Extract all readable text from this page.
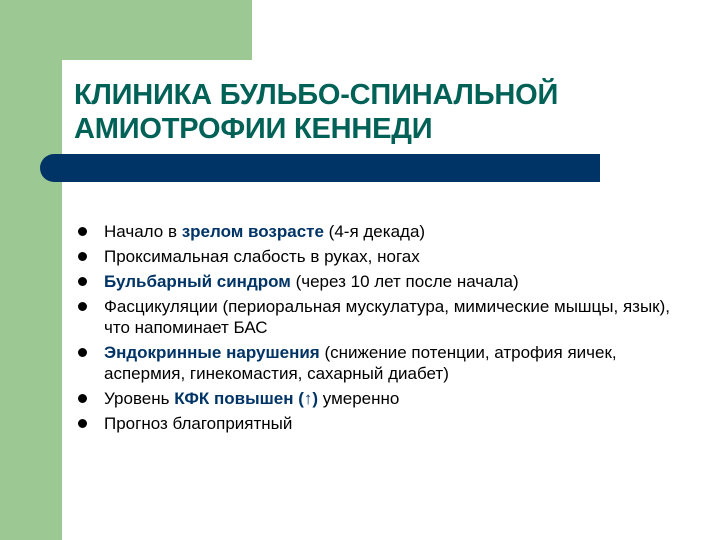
КЛИНИКА БУЛЬБО-СПИНАЛЬНОЙ
АМИОТРОФИИ КЕННЕДИ
Начало в зрелом возрасте (4-я декада)
Проксимальная слабость в руках, ногах
Бульбарный синдром (через 10 лет после начала)
Фасцикуляции (периоральная мускулатура, мимические мышцы, язык), что напоминает БАС
Эндокринные нарушения (снижение потенции, атрофия яичек, аспермия, гинекомастия, сахарный диабет)
Уровень КФК повышен (↑) умеренно
Прогноз благоприятный
